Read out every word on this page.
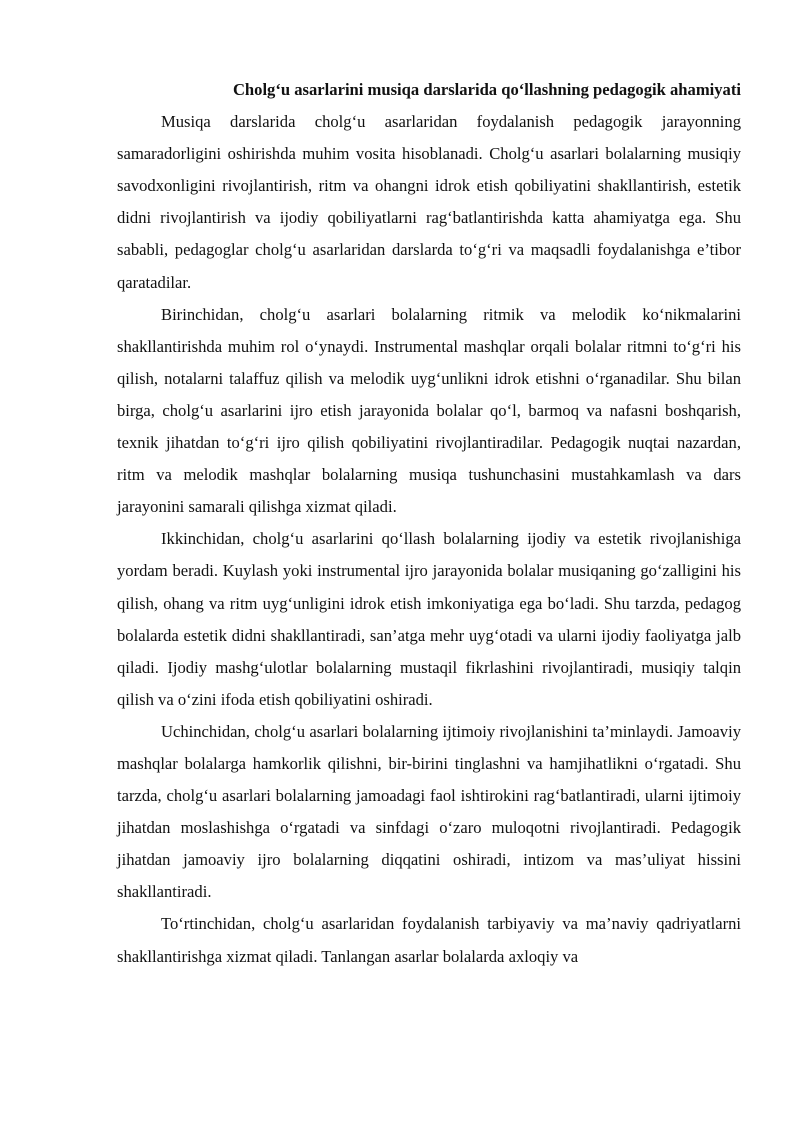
Cholg‘u asarlarini musiqa darslarida qo‘llashning pedagogik ahamiyati

Musiqa darslarida cholg‘u asarlaridan foydalanish pedagogik jarayonning samaradorligini oshirishda muhim vosita hisoblanadi. Cholg‘u asarlari bolalarning musiqiy savodxonligini rivojlantirish, ritm va ohangni idrok etish qobiliyatini shakllantirish, estetik didni rivojlantirish va ijodiy qobiliyatlarni rag‘batlantirishda katta ahamiyatga ega. Shu sababli, pedagoglar cholg‘u asarlaridan darslarda to‘g‘ri va maqsadli foydalanishga e’tibor qaratadilar.

Birinchidan, cholg‘u asarlari bolalarning ritmik va melodik ko‘nikmalarini shakllantirishda muhim rol o‘ynaydi. Instrumental mashqlar orqali bolalar ritmni to‘g‘ri his qilish, notalarni talaffuz qilish va melodik uyg‘unlikni idrok etishni o‘rganadilar. Shu bilan birga, cholg‘u asarlarini ijro etish jarayonida bolalar qo‘l, barmoq va nafasni boshqarish, texnik jihatdan to‘g‘ri ijro qilish qobiliyatini rivojlantiradilar. Pedagogik nuqtai nazardan, ritm va melodik mashqlar bolalarning musiqa tushunchasini mustahkamlash va dars jarayonini samarali qilishga xizmat qiladi.

Ikkinchidan, cholg‘u asarlarini qo‘llash bolalarning ijodiy va estetik rivojlanishiga yordam beradi. Kuylash yoki instrumental ijro jarayonida bolalar musiqaning go‘zalligini his qilish, ohang va ritm uyg‘unligini idrok etish imkoniyatiga ega bo‘ladi. Shu tarzda, pedagog bolalarda estetik didni shakllantiradi, san’atga mehr uyg‘otadi va ularni ijodiy faoliyatga jalb qiladi. Ijodiy mashg‘ulotlar bolalarning mustaqil fikrlashini rivojlantiradi, musiqiy talqin qilish va o‘zini ifoda etish qobiliyatini oshiradi.

Uchinchidan, cholg‘u asarlari bolalarning ijtimoiy rivojlanishini ta’minlaydi. Jamoaviy mashqlar bolalarga hamkorlik qilishni, bir-birini tinglashni va hamjihatlikni o‘rgatadi. Shu tarzda, cholg‘u asarlari bolalarning jamoadagi faol ishtirokini rag‘batlantiradi, ularni ijtimoiy jihatdan moslashishga o‘rgatadi va sinfdagi o‘zaro muloqotni rivojlantiradi. Pedagogik jihatdan jamoaviy ijro bolalarning diqqatini oshiradi, intizom va mas’uliyat hissini shakllantiradi.

To‘rtinchidan, cholg‘u asarlaridan foydalanish tarbiyaviy va ma’naviy qadriyatlarni shakllantirishga xizmat qiladi. Tanlangan asarlar bolalarda axloqiy va
